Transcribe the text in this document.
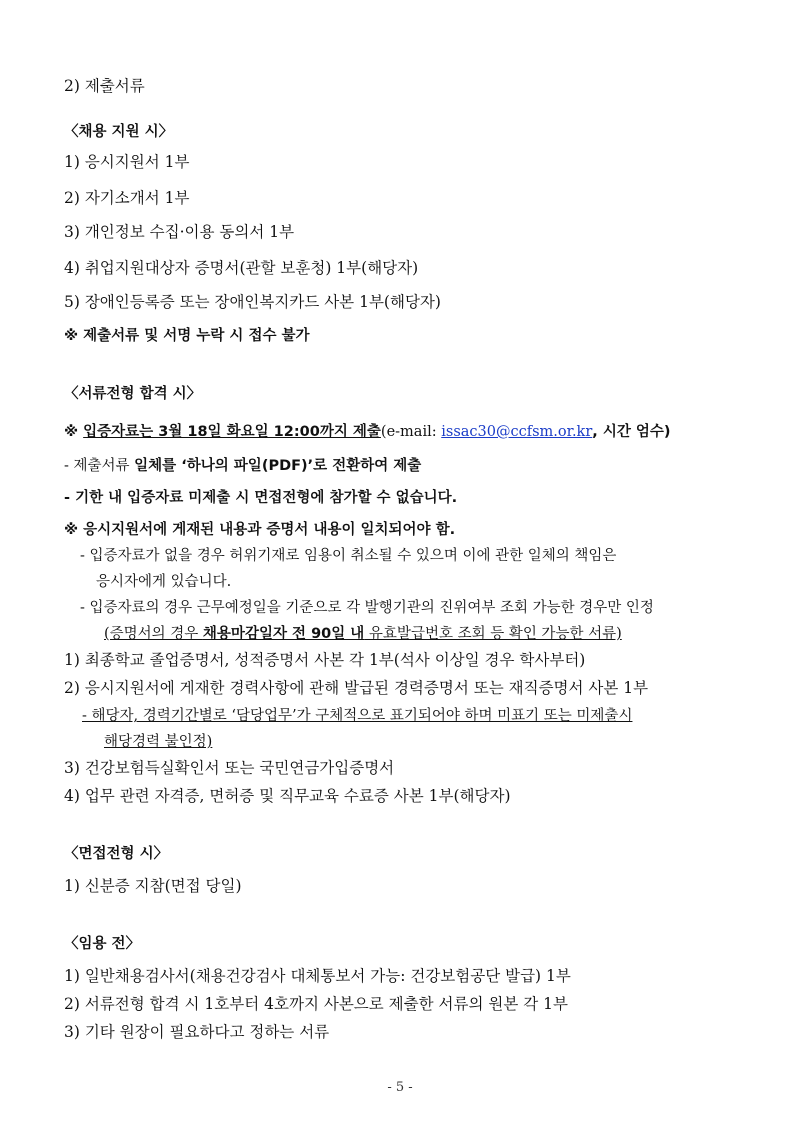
2) 제출서류
〈채용 지원 시〉
1) 응시지원서 1부
2) 자기소개서 1부
3) 개인정보 수집·이용 동의서 1부
4) 취업지원대상자 증명서(관할 보훈청) 1부(해당자)
5) 장애인등록증 또는 장애인복지카드 사본 1부(해당자)
※ 제출서류 및 서명 누락 시 접수 불가
〈서류전형 합격 시〉
※ 입증자료는 3월 18일 화요일 12:00까지 제출(e-mail: issac30@ccfsm.or.kr, 시간 엄수)
- 제출서류 일체를 ‘하나의 파일(PDF)’로 전환하여 제출
- 기한 내 입증자료 미제출 시 면접전형에 참가할 수 없습니다.
※ 응시지원서에 게재된 내용과 증명서 내용이 일치되어야 함.
- 입증자료가 없을 경우 허위기재로 임용이 취소될 수 있으며 이에 관한 일체의 책임은
응시자에게 있습니다.
- 입증자료의 경우 근무예정일을 기준으로 각 발행기관의 진위여부 조회 가능한 경우만 인정
(증명서의 경우 채용마감일자 전 90일 내 유효발급번호 조회 등 확인 가능한 서류)
1) 최종학교 졸업증명서, 성적증명서 사본 각 1부(석사 이상일 경우 학사부터)
2) 응시지원서에 게재한 경력사항에 관해 발급된 경력증명서 또는 재직증명서 사본 1부
- 해당자, 경력기간별로 ‘담당업무’가 구체적으로 표기되어야 하며 미표기 또는 미제출시
해당경력 불인정)
3) 건강보험득실확인서 또는 국민연금가입증명서
4) 업무 관련 자격증, 면허증 및 직무교육 수료증 사본 1부(해당자)
〈면접전형 시〉
1) 신분증 지참(면접 당일)
〈임용 전〉
1) 일반채용검사서(채용건강검사 대체통보서 가능: 건강보험공단 발급) 1부
2) 서류전형 합격 시 1호부터 4호까지 사본으로 제출한 서류의 원본 각 1부
3) 기타 원장이 필요하다고 정하는 서류
- 5 -
